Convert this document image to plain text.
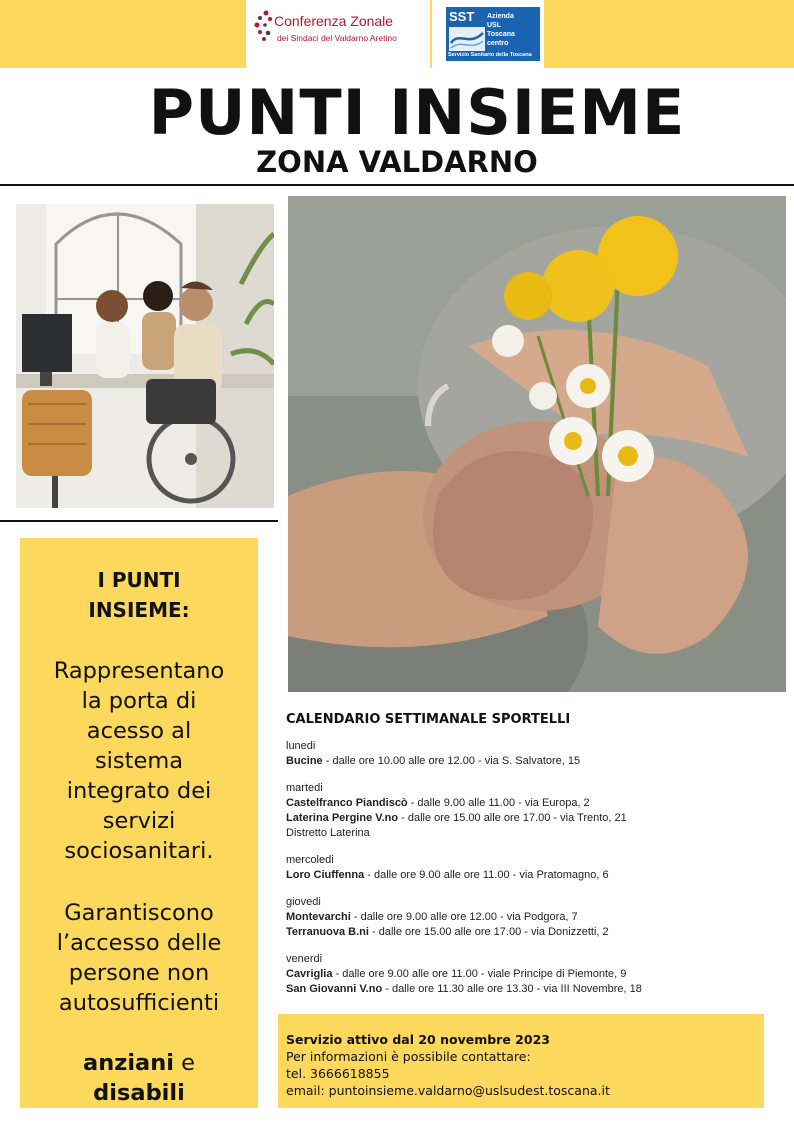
Conferenza Zonale
dei Sindaci del Valdarno Aretino
SST Azienda
USL
Toscana
centro
Servizio Sanitario della Toscana
PUNTI INSIEME
ZONA VALDARNO
I PUNTI
INSIEME:
Rappresentano
la porta di
acesso al
sistema
integrato dei
servizi
sociosanitari.
Garantiscono
l’accesso delle
persone non
autosufficienti
anziani e
disabili
CALENDARIO SETTIMANALE SPORTELLI
lunedi
Bucine - dalle ore 10.00 alle ore 12.00 - via S. Salvatore, 15
martedi
Castelfranco Piandiscò - dalle 9.00 alle 11.00 - via Europa, 2
Laterina Pergine V.no - dalle ore 15.00 alle ore 17.00 - via Trento, 21
Distretto Laterina
mercoledi
Loro Ciuffenna - dalle ore 9.00 alle ore 11.00 - via Pratomagno, 6
giovedi
Montevarchi - dalle ore 9.00 alle ore 12.00 - via Podgora, 7
Terranuova B.ni - dalle ore 15.00 alle ore 17.00 - via Donizzetti, 2
venerdi
Cavriglia - dalle ore 9.00 alle ore 11.00 - viale Principe di Piemonte, 9
San Giovanni V.no - dalle ore 11.30 alle ore 13.30 - via III Novembre, 18
Servizio attivo dal 20 novembre 2023
Per informazioni è possibile contattare:
tel. 3666618855
email: puntoinsieme.valdarno@uslsudest.toscana.it
